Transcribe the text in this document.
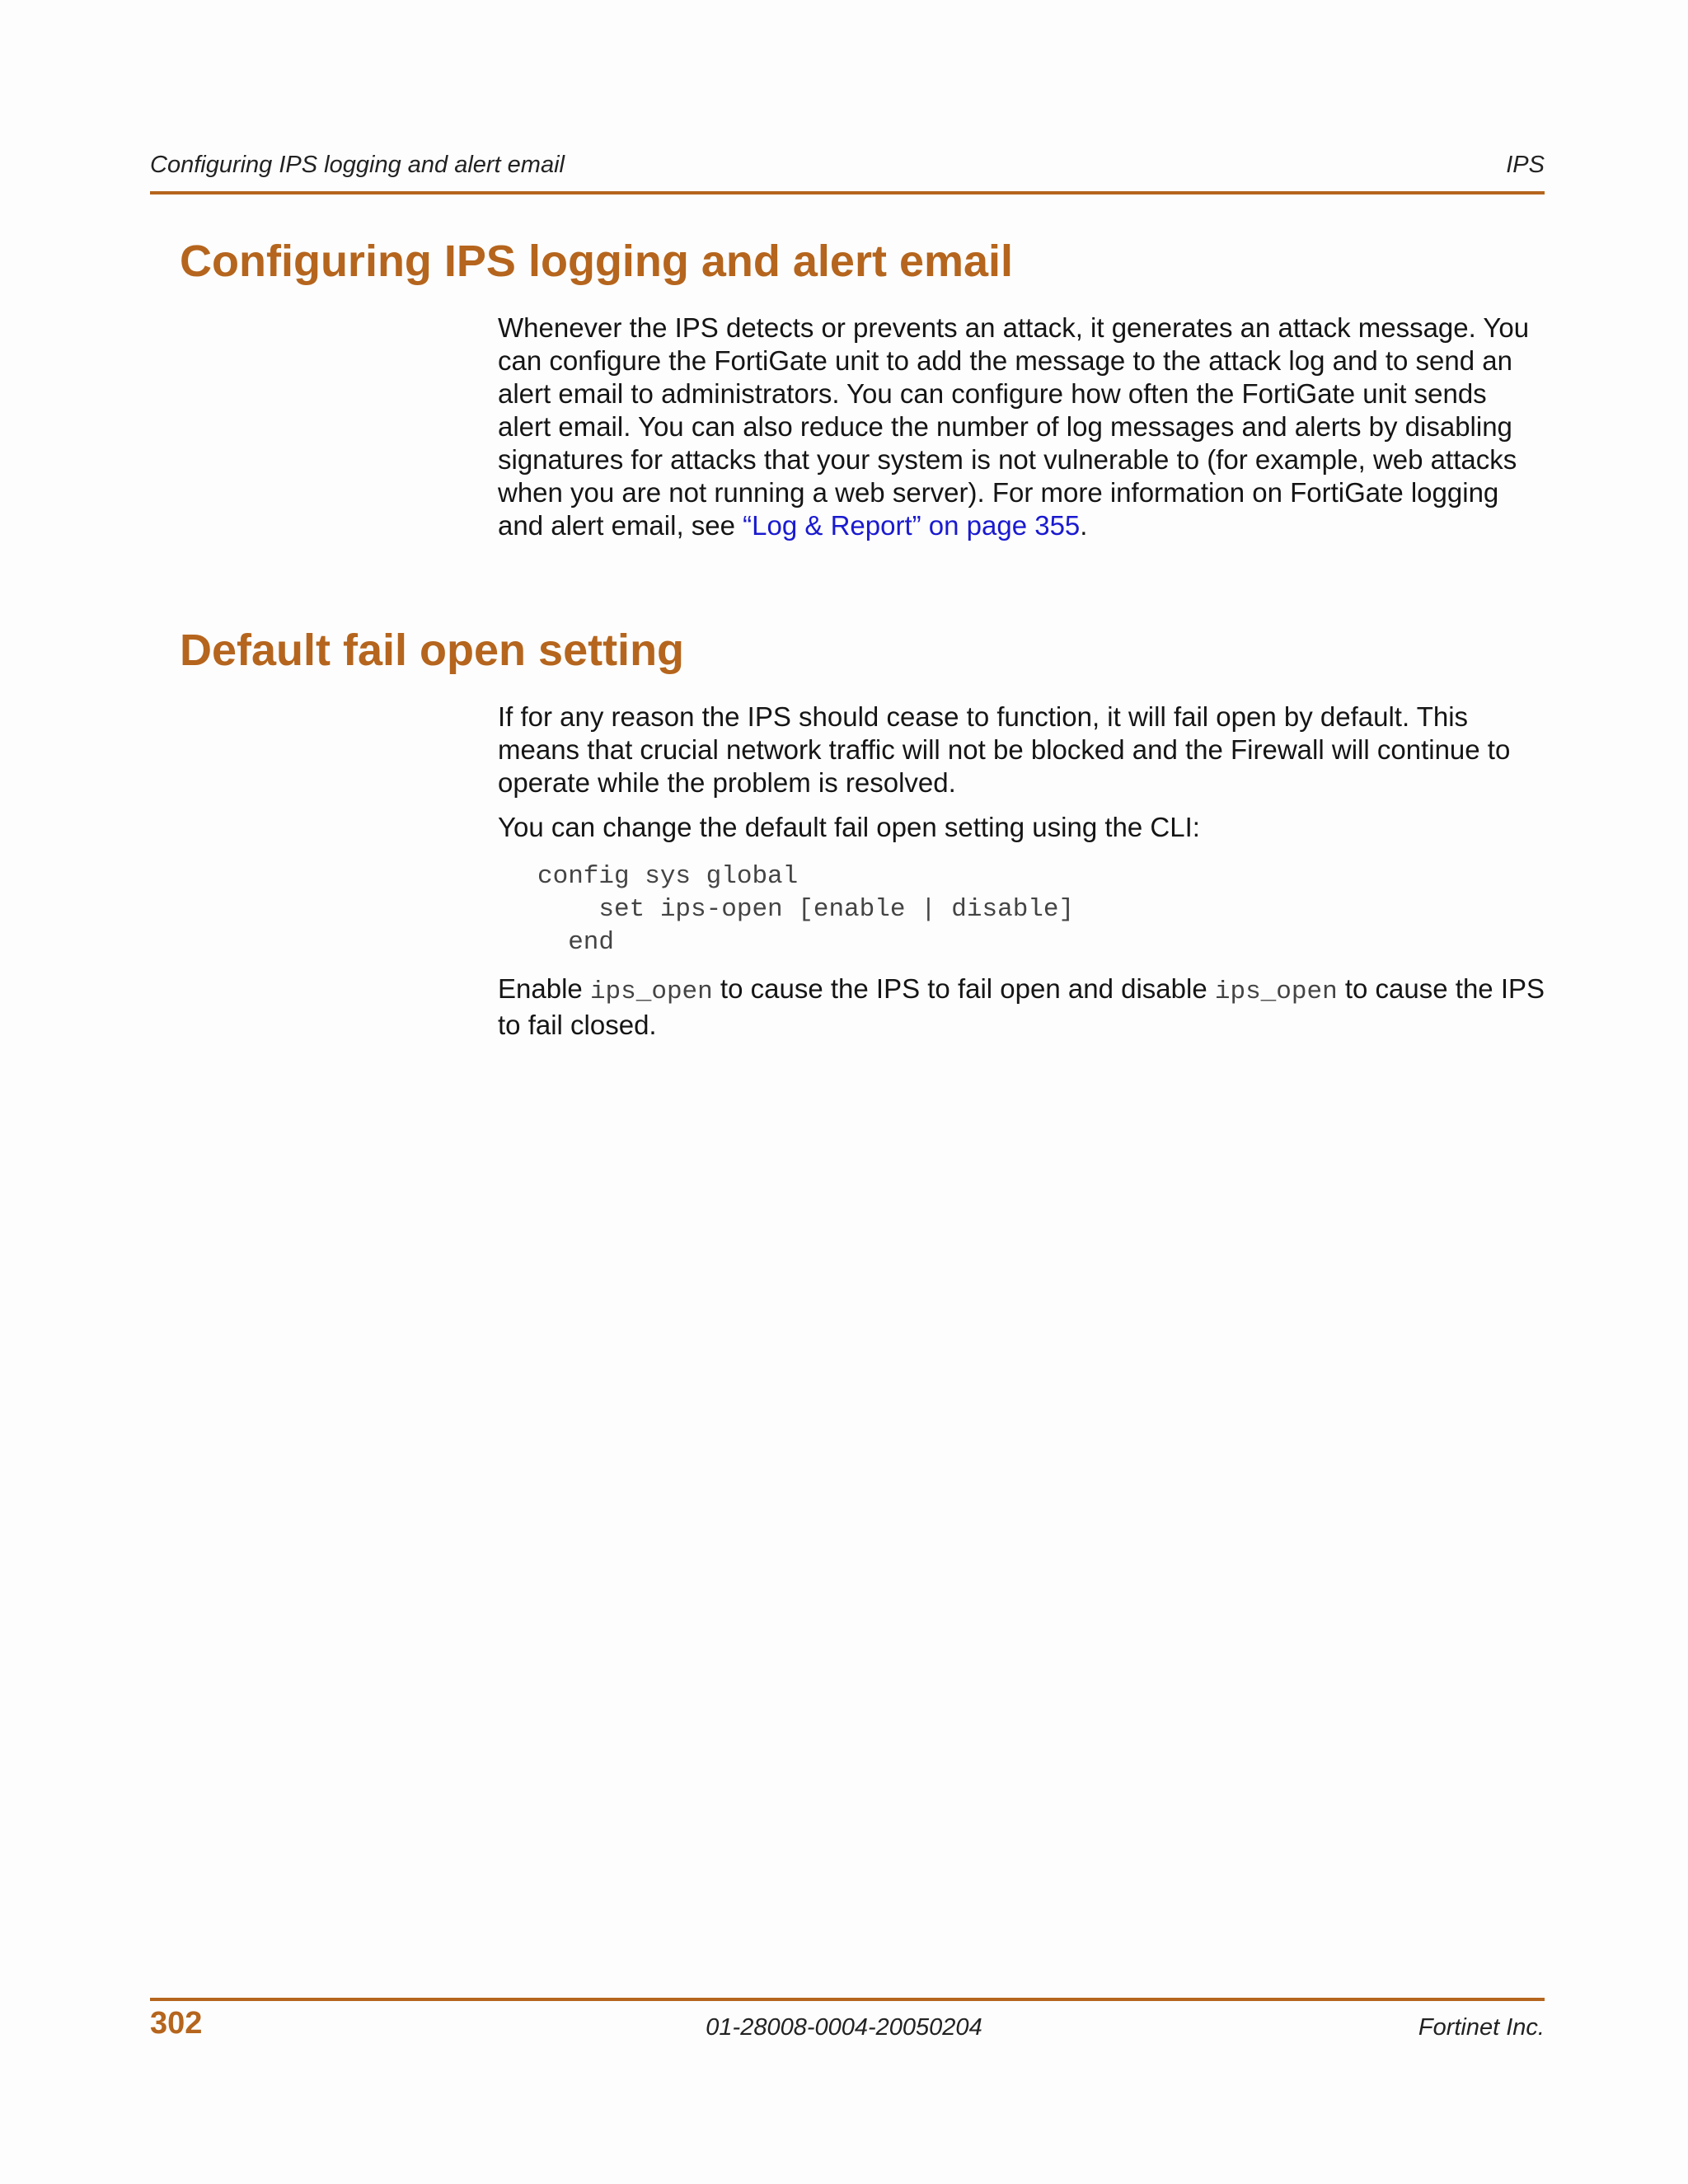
Configuring IPS logging and alert email	IPS
Configuring IPS logging and alert email

Whenever the IPS detects or prevents an attack, it generates an attack message. You can configure the FortiGate unit to add the message to the attack log and to send an alert email to administrators. You can configure how often the FortiGate unit sends alert email. You can also reduce the number of log messages and alerts by disabling signatures for attacks that your system is not vulnerable to (for example, web attacks when you are not running a web server). For more information on FortiGate logging and alert email, see “Log & Report” on page 355.

Default fail open setting

If for any reason the IPS should cease to function, it will fail open by default. This means that crucial network traffic will not be blocked and the Firewall will continue to operate while the problem is resolved.

You can change the default fail open setting using the CLI:

config sys global
set ips-open [enable | disable]
end

Enable ips_open to cause the IPS to fail open and disable ips_open to cause the IPS to fail closed.

302	01-28008-0004-20050204	Fortinet Inc.
